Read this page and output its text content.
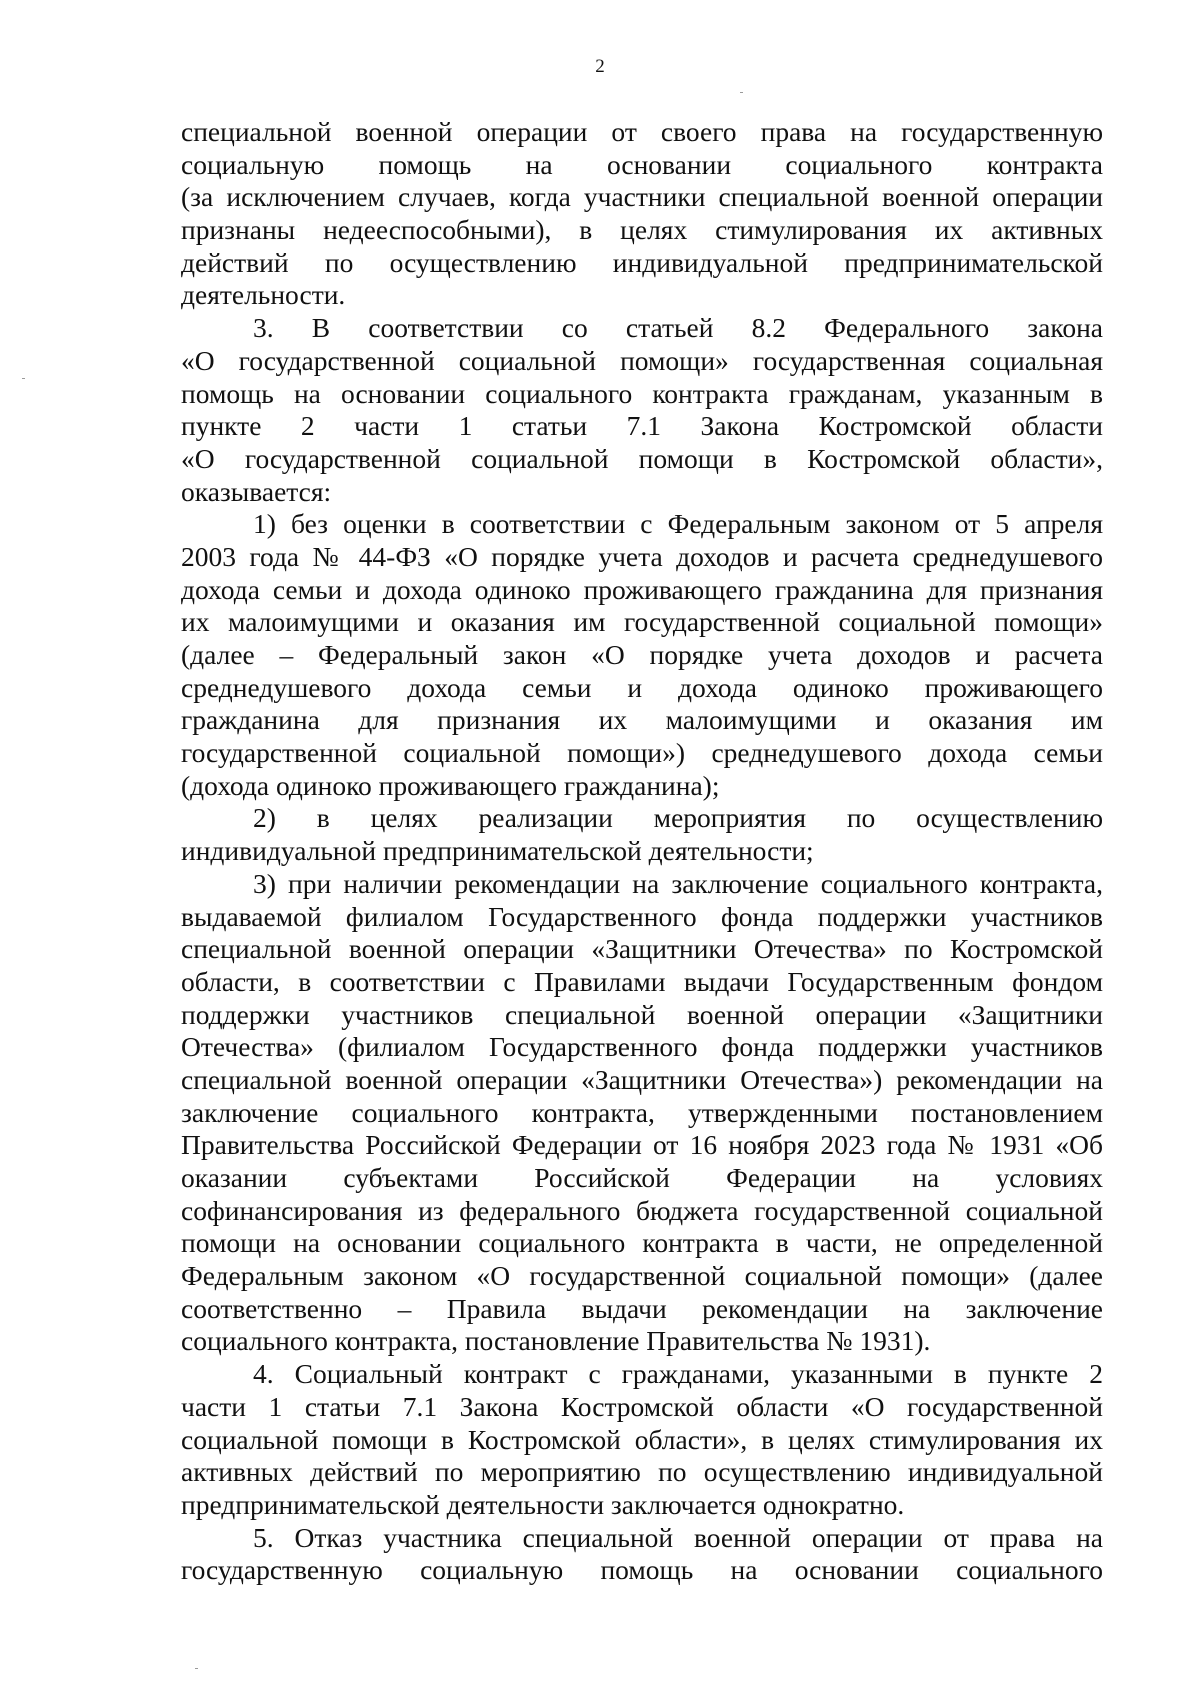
2
специальной военной операции от своего права на государственную
социальную помощь на основании социального контракта
(за исключением случаев, когда участники специальной военной операции
признаны недееспособными), в целях стимулирования их активных
действий по осуществлению индивидуальной предпринимательской
деятельности.
3. В соответствии со статьей 8.2 Федерального закона
«О государственной социальной помощи» государственная социальная
помощь на основании социального контракта гражданам, указанным в
пункте 2 части 1 статьи 7.1 Закона Костромской области
«О государственной социальной помощи в Костромской области»,
оказывается:
1) без оценки в соответствии с Федеральным законом от 5 апреля
2003 года № 44-ФЗ «О порядке учета доходов и расчета среднедушевого
дохода семьи и дохода одиноко проживающего гражданина для признания
их малоимущими и оказания им государственной социальной помощи»
(далее – Федеральный закон «О порядке учета доходов и расчета
среднедушевого дохода семьи и дохода одиноко проживающего
гражданина для признания их малоимущими и оказания им
государственной социальной помощи») среднедушевого дохода семьи
(дохода одиноко проживающего гражданина);
2) в целях реализации мероприятия по осуществлению
индивидуальной предпринимательской деятельности;
3) при наличии рекомендации на заключение социального контракта,
выдаваемой филиалом Государственного фонда поддержки участников
специальной военной операции «Защитники Отечества» по Костромской
области, в соответствии с Правилами выдачи Государственным фондом
поддержки участников специальной военной операции «Защитники
Отечества» (филиалом Государственного фонда поддержки участников
специальной военной операции «Защитники Отечества») рекомендации на
заключение социального контракта, утвержденными постановлением
Правительства Российской Федерации от 16 ноября 2023 года № 1931 «Об
оказании субъектами Российской Федерации на условиях
софинансирования из федерального бюджета государственной социальной
помощи на основании социального контракта в части, не определенной
Федеральным законом «О государственной социальной помощи» (далее
соответственно – Правила выдачи рекомендации на заключение
социального контракта, постановление Правительства № 1931).
4. Социальный контракт с гражданами, указанными в пункте 2
части 1 статьи 7.1 Закона Костромской области «О государственной
социальной помощи в Костромской области», в целях стимулирования их
активных действий по мероприятию по осуществлению индивидуальной
предпринимательской деятельности заключается однократно.
5. Отказ участника специальной военной операции от права на
государственную социальную помощь на основании социального
